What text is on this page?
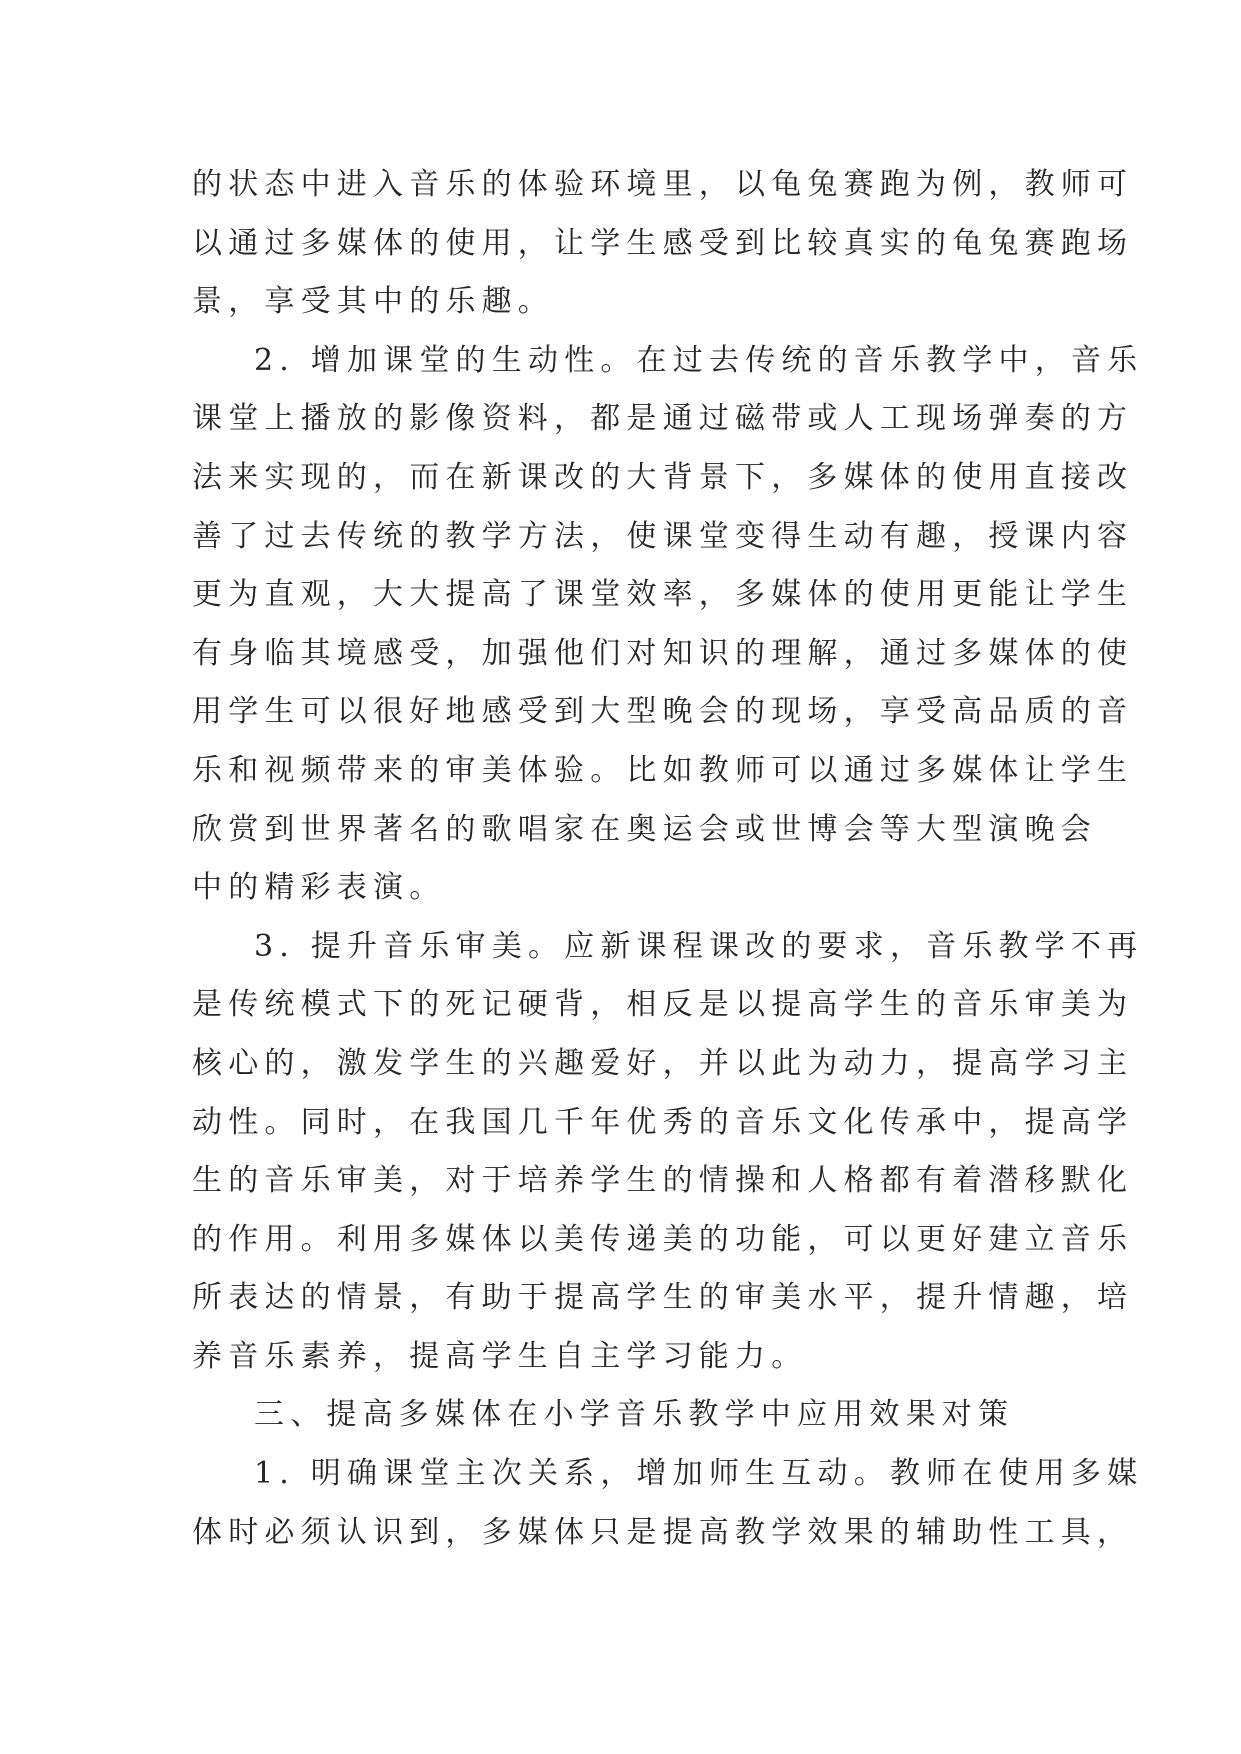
的状态中进入音乐的体验环境里，以龟兔赛跑为例，教师可
以通过多媒体的使用，让学生感受到比较真实的龟兔赛跑场
景，享受其中的乐趣。
2. 增加课堂的生动性。在过去传统的音乐教学中，音乐
课堂上播放的影像资料，都是通过磁带或人工现场弹奏的方
法来实现的，而在新课改的大背景下，多媒体的使用直接改
善了过去传统的教学方法，使课堂变得生动有趣，授课内容
更为直观，大大提高了课堂效率，多媒体的使用更能让学生
有身临其境感受，加强他们对知识的理解，通过多媒体的使
用学生可以很好地感受到大型晚会的现场，享受高品质的音
乐和视频带来的审美体验。比如教师可以通过多媒体让学生
欣赏到世界著名的歌唱家在奥运会或世博会等大型演晚会
中的精彩表演。
3. 提升音乐审美。应新课程课改的要求，音乐教学不再
是传统模式下的死记硬背，相反是以提高学生的音乐审美为
核心的，激发学生的兴趣爱好，并以此为动力，提高学习主
动性。同时，在我国几千年优秀的音乐文化传承中，提高学
生的音乐审美，对于培养学生的情操和人格都有着潜移默化
的作用。利用多媒体以美传递美的功能，可以更好建立音乐
所表达的情景，有助于提高学生的审美水平，提升情趣，培
养音乐素养，提高学生自主学习能力。
三、提高多媒体在小学音乐教学中应用效果对策
1. 明确课堂主次关系，增加师生互动。教师在使用多媒
体时必须认识到，多媒体只是提高教学效果的辅助性工具，
